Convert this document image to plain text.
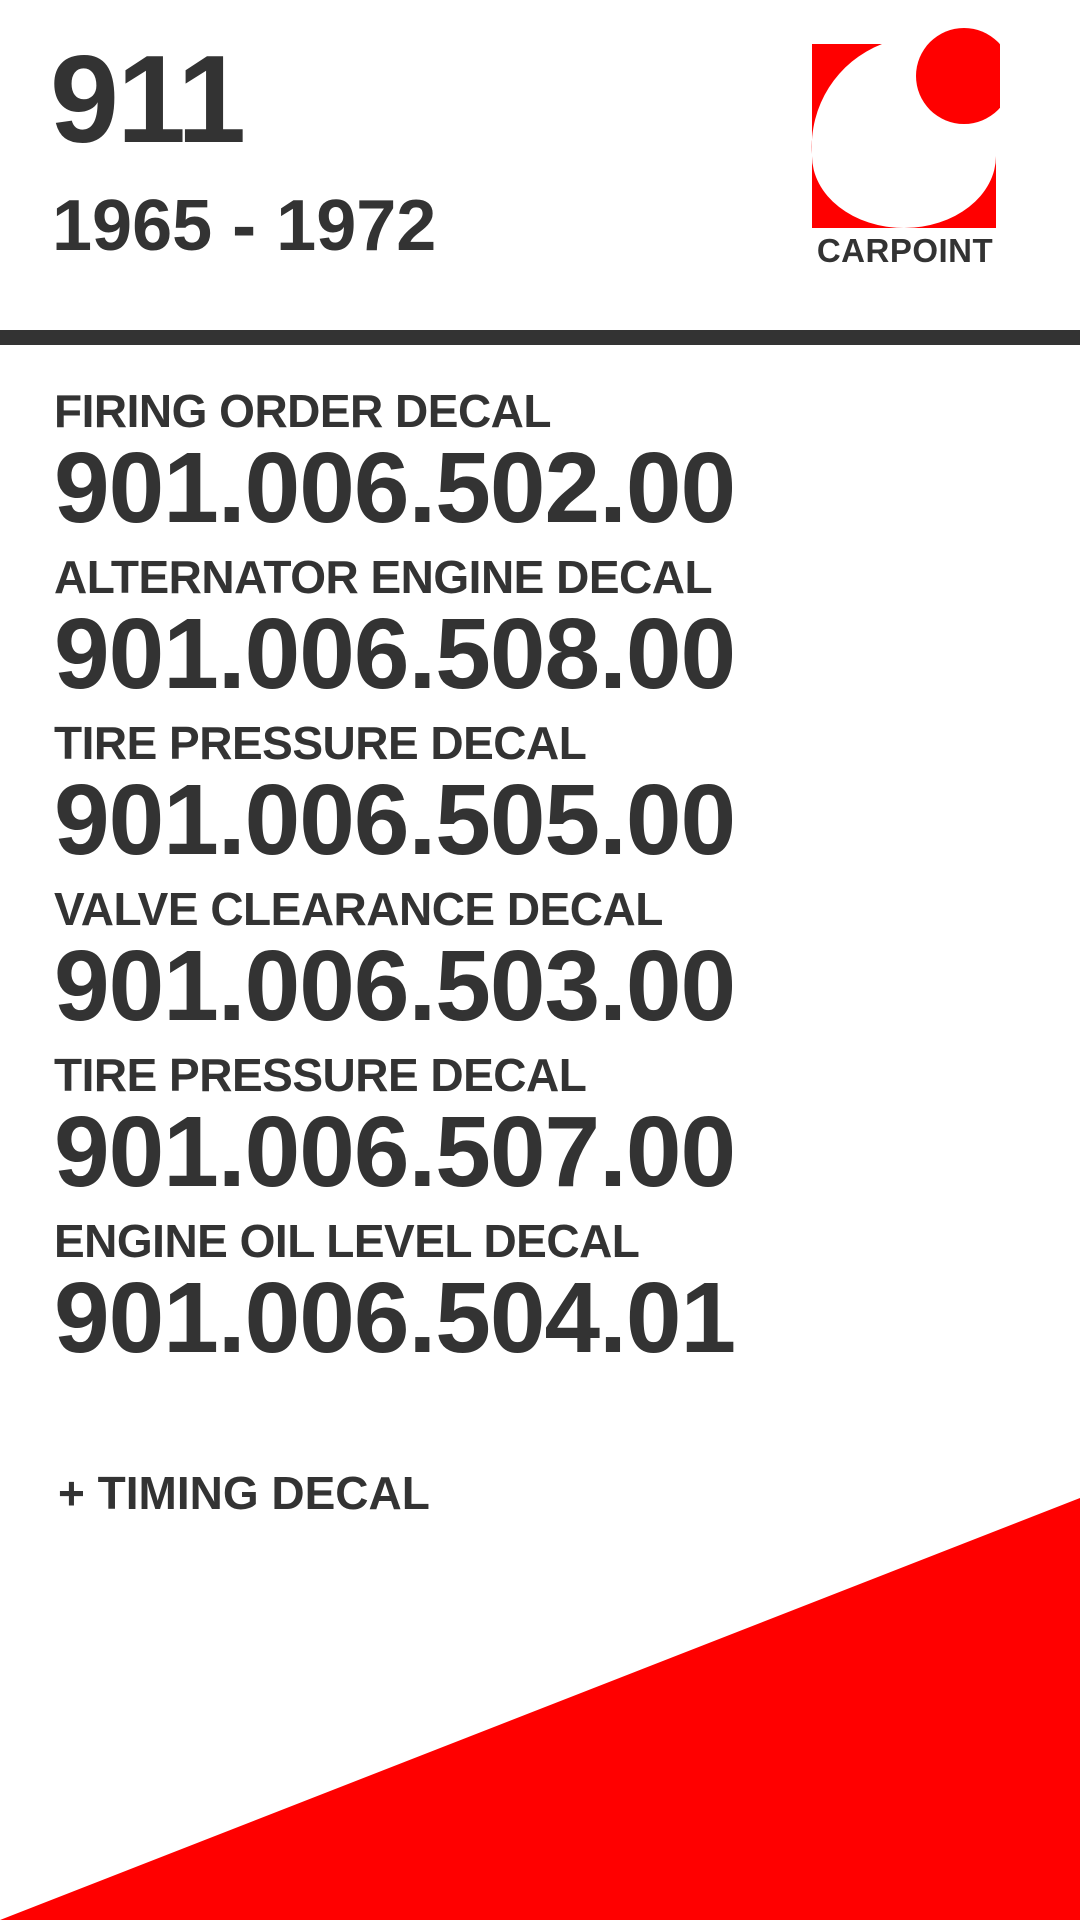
911
1965 - 1972	CARPOINT
FIRING ORDER DECAL
901.006.502.00
ALTERNATOR ENGINE DECAL
901.006.508.00
TIRE PRESSURE DECAL
901.006.505.00
VALVE CLEARANCE DECAL
901.006.503.00
TIRE PRESSURE DECAL
901.006.507.00
ENGINE OIL LEVEL DECAL
901.006.504.01
+ TIMING DECAL
